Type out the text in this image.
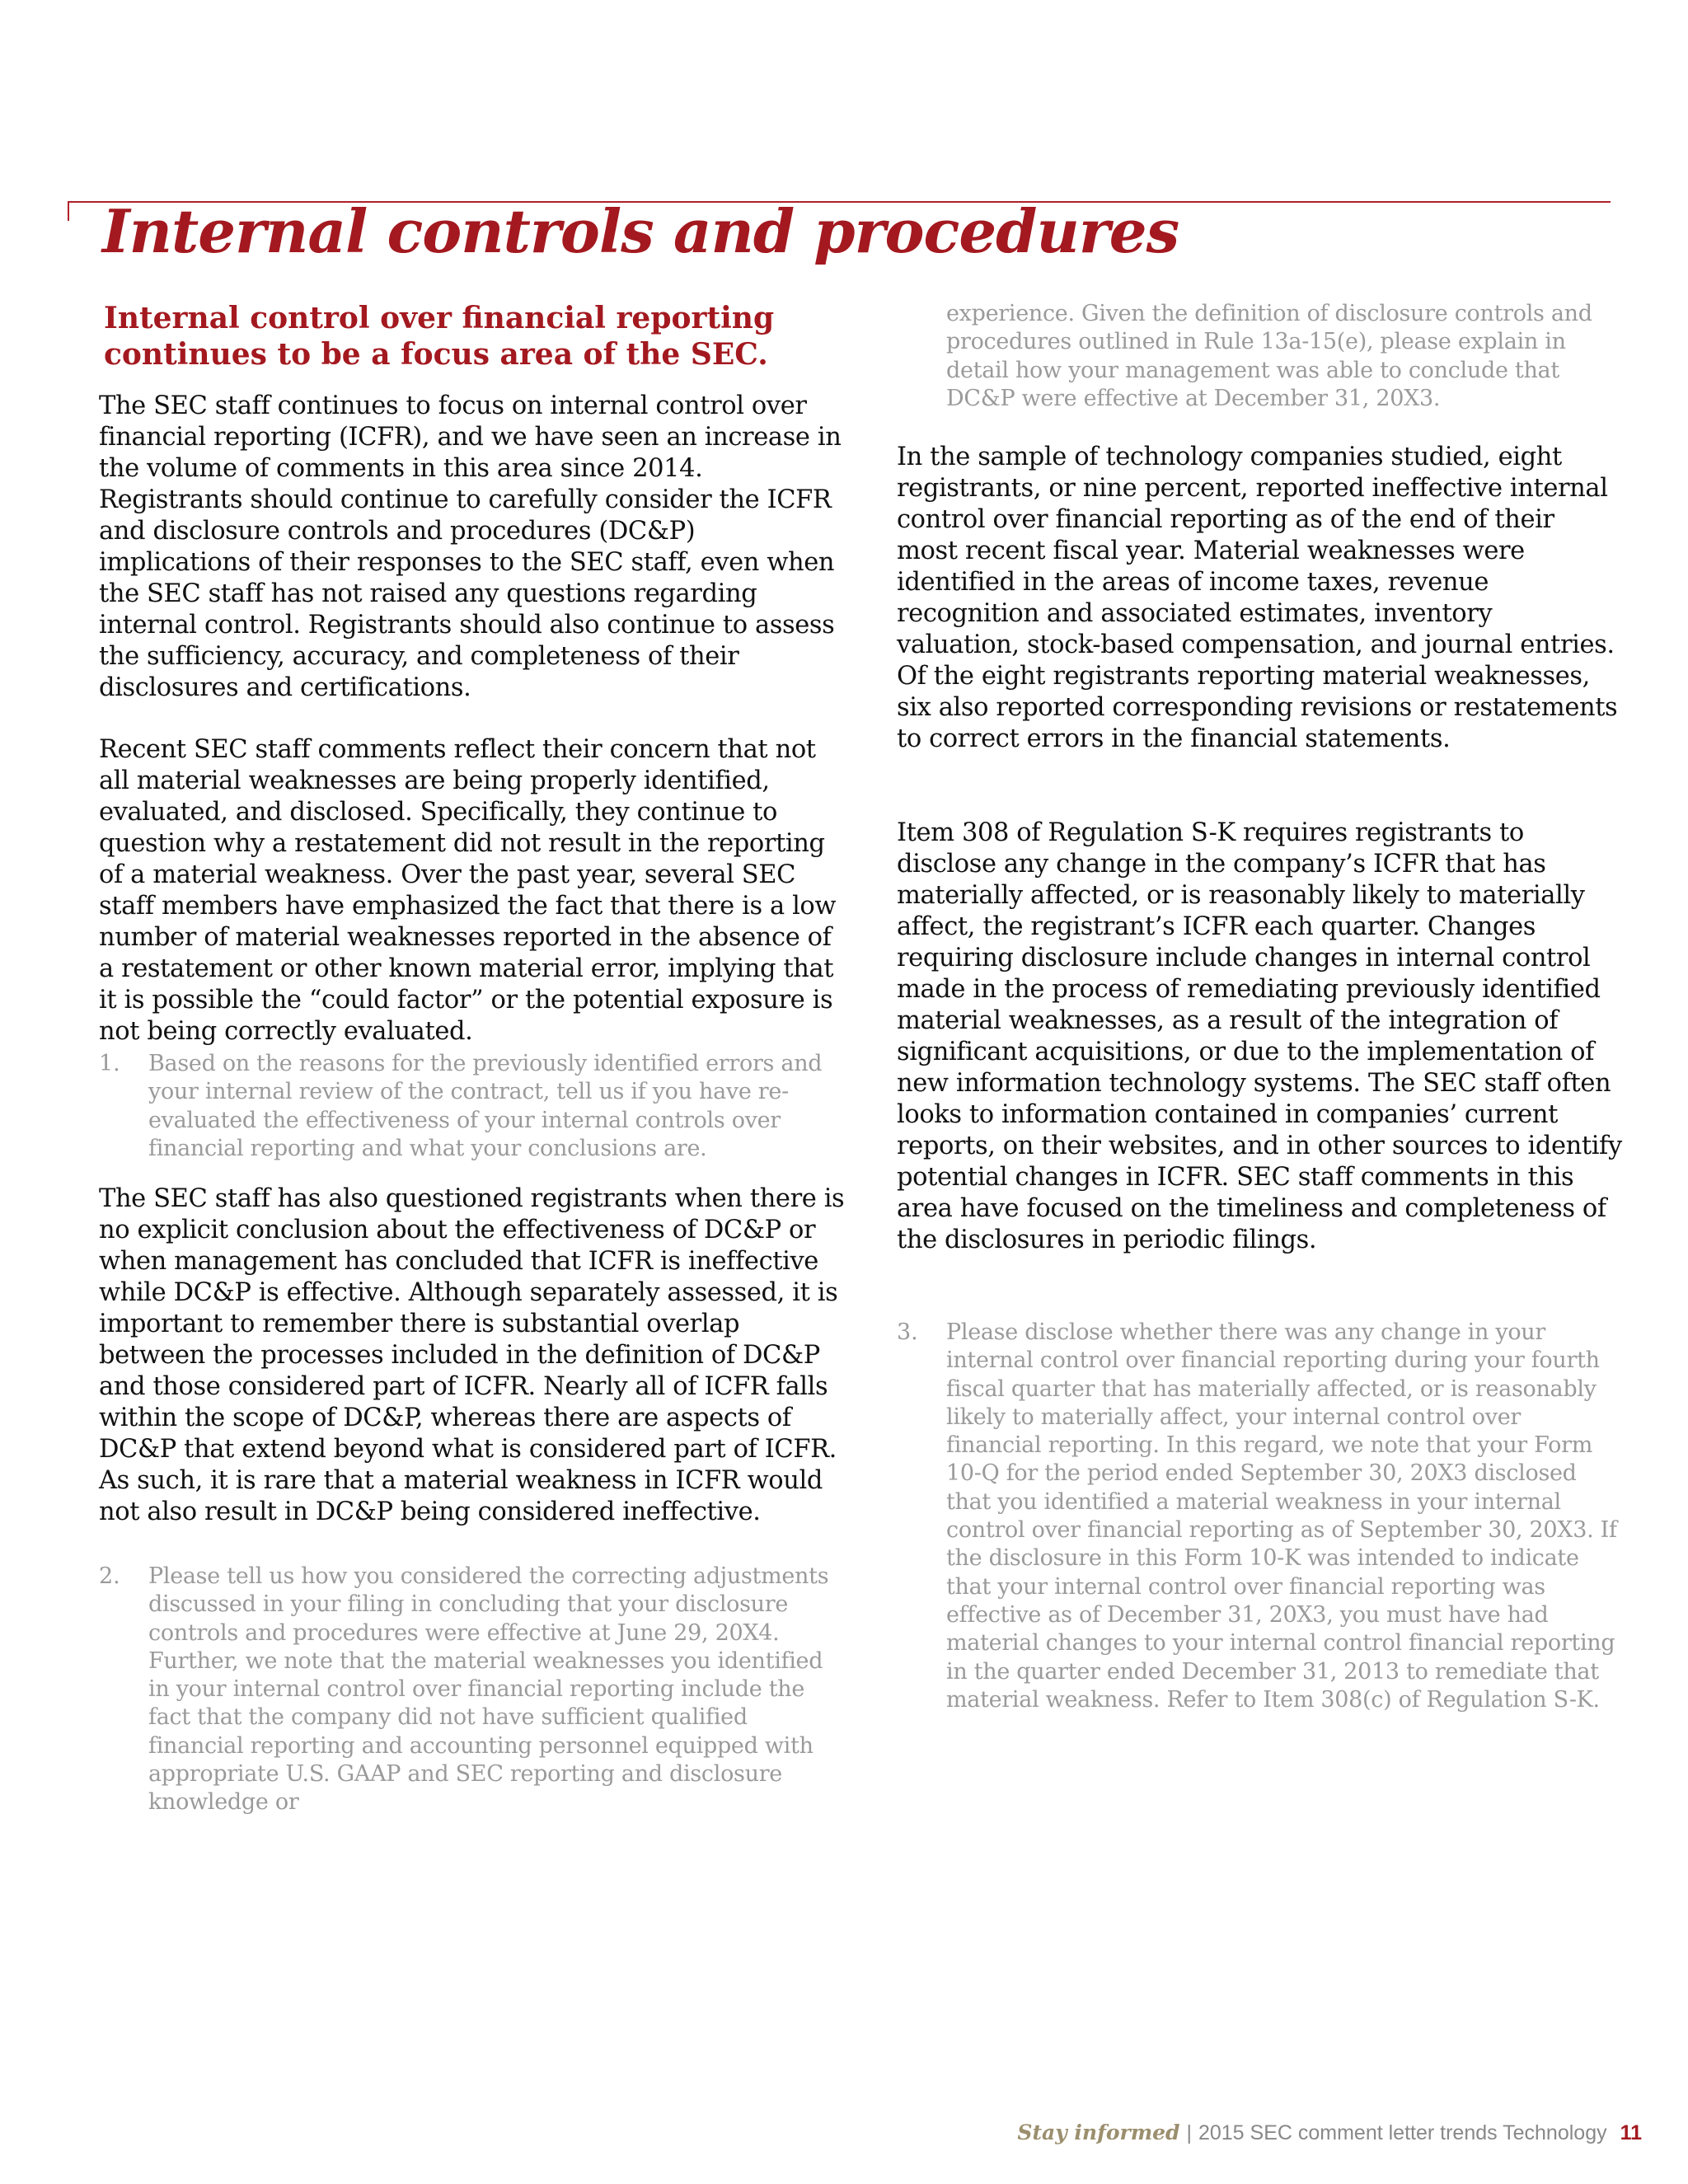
Internal controls and procedures
Internal control over financial reporting continues to be a focus area of the SEC.

The SEC staff continues to focus on internal control over financial reporting (ICFR), and we have seen an increase in the volume of comments in this area since 2014. Registrants should continue to carefully consider the ICFR and disclosure controls and procedures (DC&P) implications of their responses to the SEC staff, even when the SEC staff has not raised any questions regarding internal control. Registrants should also continue to assess the sufficiency, accuracy, and completeness of their disclosures and certifications.

Recent SEC staff comments reflect their concern that not all material weaknesses are being properly identified, evaluated, and disclosed. Specifically, they continue to question why a restatement did not result in the reporting of a material weakness. Over the past year, several SEC staff members have emphasized the fact that there is a low number of material weaknesses reported in the absence of a restatement or other known material error, implying that it is possible the “could factor” or the potential exposure is not being correctly evaluated.

1. Based on the reasons for the previously identified errors and your internal review of the contract, tell us if you have re-evaluated the effectiveness of your internal controls over financial reporting and what your conclusions are.

The SEC staff has also questioned registrants when there is no explicit conclusion about the effectiveness of DC&P or when management has concluded that ICFR is ineffective while DC&P is effective. Although separately assessed, it is important to remember there is substantial overlap between the processes included in the definition of DC&P and those considered part of ICFR. Nearly all of ICFR falls within the scope of DC&P, whereas there are aspects of DC&P that extend beyond what is considered part of ICFR. As such, it is rare that a material weakness in ICFR would not also result in DC&P being considered ineffective.

2. Please tell us how you considered the correcting adjustments discussed in your filing in concluding that your disclosure controls and procedures were effective at June 29, 20X4. Further, we note that the material weaknesses you identified in your internal control over financial reporting include the fact that the company did not have sufficient qualified financial reporting and accounting personnel equipped with appropriate U.S. GAAP and SEC reporting and disclosure knowledge or

experience. Given the definition of disclosure controls and procedures outlined in Rule 13a-15(e), please explain in detail how your management was able to conclude that DC&P were effective at December 31, 20X3.

In the sample of technology companies studied, eight registrants, or nine percent, reported ineffective internal control over financial reporting as of the end of their most recent fiscal year. Material weaknesses were identified in the areas of income taxes, revenue recognition and associated estimates, inventory valuation, stock-based compensation, and journal entries. Of the eight registrants reporting material weaknesses, six also reported corresponding revisions or restatements to correct errors in the financial statements.

Item 308 of Regulation S-K requires registrants to disclose any change in the company’s ICFR that has materially affected, or is reasonably likely to materially affect, the registrant’s ICFR each quarter. Changes requiring disclosure include changes in internal control made in the process of remediating previously identified material weaknesses, as a result of the integration of significant acquisitions, or due to the implementation of new information technology systems. The SEC staff often looks to information contained in companies’ current reports, on their websites, and in other sources to identify potential changes in ICFR. SEC staff comments in this area have focused on the timeliness and completeness of the disclosures in periodic filings.

3. Please disclose whether there was any change in your internal control over financial reporting during your fourth fiscal quarter that has materially affected, or is reasonably likely to materially affect, your internal control over financial reporting. In this regard, we note that your Form 10-Q for the period ended September 30, 20X3 disclosed that you identified a material weakness in your internal control over financial reporting as of September 30, 20X3. If the disclosure in this Form 10-K was intended to indicate that your internal control over financial reporting was effective as of December 31, 20X3, you must have had material changes to your internal control financial reporting in the quarter ended December 31, 2013 to remediate that material weakness. Refer to Item 308(c) of Regulation S-K.

Stay informed | 2015 SEC comment letter trends Technology 11
